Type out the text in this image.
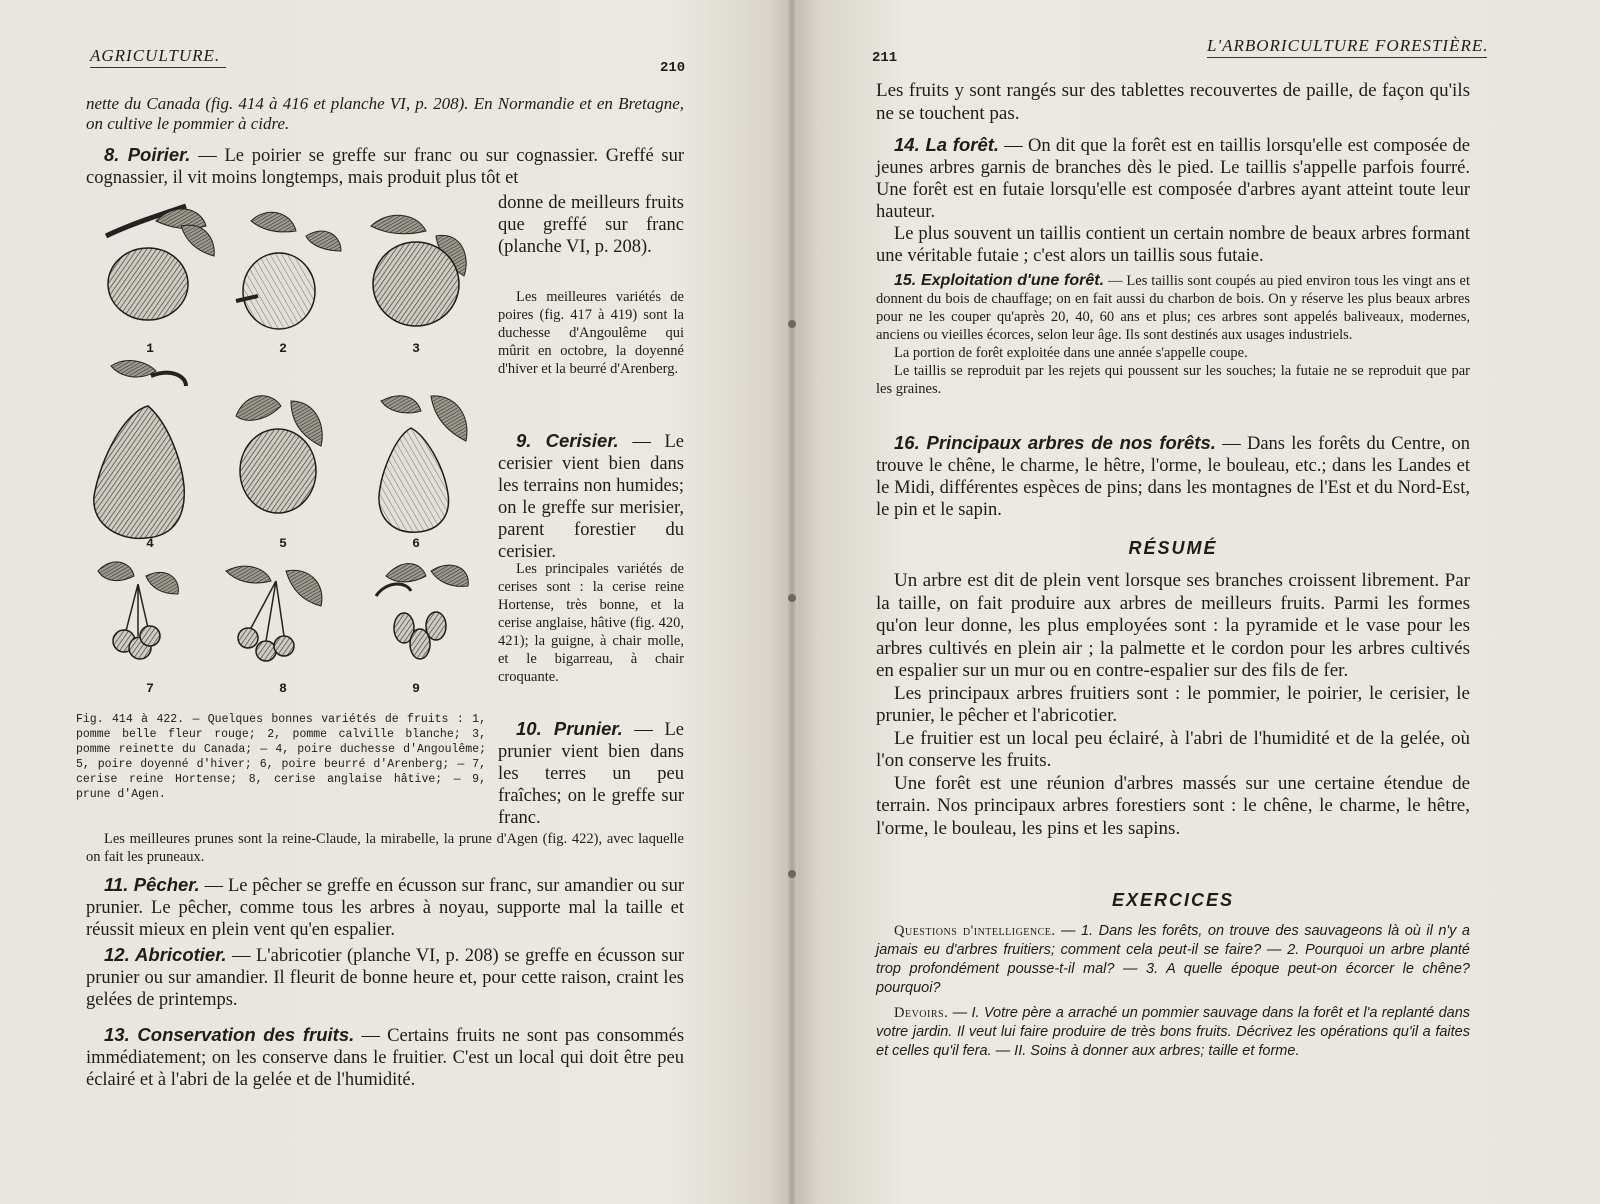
AGRICULTURE.
210

nette du Canada (fig. 414 à 416 et planche VI, p. 208). En Normandie et en Bretagne, on cultive le pommier à cidre.

8. Poirier. — Le poirier se greffe sur franc ou sur cognassier. Greffé sur cognassier, il vit moins longtemps, mais produit plus tôt et

1	2	3
4	5	6
7	8	9
Fig. 414 à 422. — Quelques bonnes variétés de fruits : 1, pomme belle fleur rouge; 2, pomme calville blanche; 3, pomme reinette du Canada; — 4, poire duchesse d'Angoulême; 5, poire doyenné d'hiver; 6, poire beurré d'Arenberg; — 7, cerise reine Hortense; 8, cerise anglaise hâtive; — 9, prune d'Agen.

donne de meilleurs fruits que greffé sur franc (planche VI, p. 208).

Les meilleures variétés de poires (fig. 417 à 419) sont la duchesse d'Angoulême qui mûrit en octobre, la doyenné d'hiver et la beurré d'Arenberg.

9. Cerisier. — Le cerisier vient bien dans les terrains non humides; on le greffe sur merisier, parent forestier du cerisier.

Les principales variétés de cerises sont : la cerise reine Hortense, très bonne, et la cerise anglaise, hâtive (fig. 420, 421); la guigne, à chair molle, et le bigarreau, à chair croquante.

10. Prunier. — Le prunier vient bien dans les terres un peu fraîches; on le greffe sur franc.

Les meilleures prunes sont la reine-Claude, la mirabelle, la prune d'Agen (fig. 422), avec laquelle on fait les pruneaux.

11. Pêcher. — Le pêcher se greffe en écusson sur franc, sur amandier ou sur prunier. Le pêcher, comme tous les arbres à noyau, supporte mal la taille et réussit mieux en plein vent qu'en espalier.

12. Abricotier. — L'abricotier (planche VI, p. 208) se greffe en écusson sur prunier ou sur amandier. Il fleurit de bonne heure et, pour cette raison, craint les gelées de printemps.

13. Conservation des fruits. — Certains fruits ne sont pas consommés immédiatement; on les conserve dans le fruitier. C'est un local qui doit être peu éclairé et à l'abri de la gelée et de l'humidité.

211
L'ARBORICULTURE FORESTIÈRE.

Les fruits y sont rangés sur des tablettes recouvertes de paille, de façon qu'ils ne se touchent pas.

14. La forêt. — On dit que la forêt est en taillis lorsqu'elle est composée de jeunes arbres garnis de branches dès le pied. Le taillis s'appelle parfois fourré. Une forêt est en futaie lorsqu'elle est composée d'arbres ayant atteint toute leur hauteur.

Le plus souvent un taillis contient un certain nombre de beaux arbres formant une véritable futaie ; c'est alors un taillis sous futaie.

15. Exploitation d'une forêt. — Les taillis sont coupés au pied environ tous les vingt ans et donnent du bois de chauffage; on en fait aussi du charbon de bois. On y réserve les plus beaux arbres pour ne les couper qu'après 20, 40, 60 ans et plus; ces arbres sont appelés baliveaux, modernes, anciens ou vieilles écorces, selon leur âge. Ils sont destinés aux usages industriels.

La portion de forêt exploitée dans une année s'appelle coupe.

Le taillis se reproduit par les rejets qui poussent sur les souches; la futaie ne se reproduit que par les graines.

16. Principaux arbres de nos forêts. — Dans les forêts du Centre, on trouve le chêne, le charme, le hêtre, l'orme, le bouleau, etc.; dans les Landes et le Midi, différentes espèces de pins; dans les montagnes de l'Est et du Nord-Est, le pin et le sapin.

RÉSUMÉ

Un arbre est dit de plein vent lorsque ses branches croissent librement. Par la taille, on fait produire aux arbres de meilleurs fruits. Parmi les formes qu'on leur donne, les plus employées sont : la pyramide et le vase pour les arbres cultivés en plein air ; la palmette et le cordon pour les arbres cultivés en espalier sur un mur ou en contre-espalier sur des fils de fer.

Les principaux arbres fruitiers sont : le pommier, le poirier, le cerisier, le prunier, le pêcher et l'abricotier.

Le fruitier est un local peu éclairé, à l'abri de l'humidité et de la gelée, où l'on conserve les fruits.

Une forêt est une réunion d'arbres massés sur une certaine étendue de terrain. Nos principaux arbres forestiers sont : le chêne, le charme, le hêtre, l'orme, le bouleau, les pins et les sapins.

EXERCICES

Questions d'intelligence. — 1. Dans les forêts, on trouve des sauvageons là où il n'y a jamais eu d'arbres fruitiers; comment cela peut-il se faire? — 2. Pourquoi un arbre planté trop profondément pousse-t-il mal? — 3. A quelle époque peut-on écorcer le chêne? pourquoi?

Devoirs. — I. Votre père a arraché un pommier sauvage dans la forêt et l'a replanté dans votre jardin. Il veut lui faire produire de très bons fruits. Décrivez les opérations qu'il a faites et celles qu'il fera. — II. Soins à donner aux arbres; taille et forme.
